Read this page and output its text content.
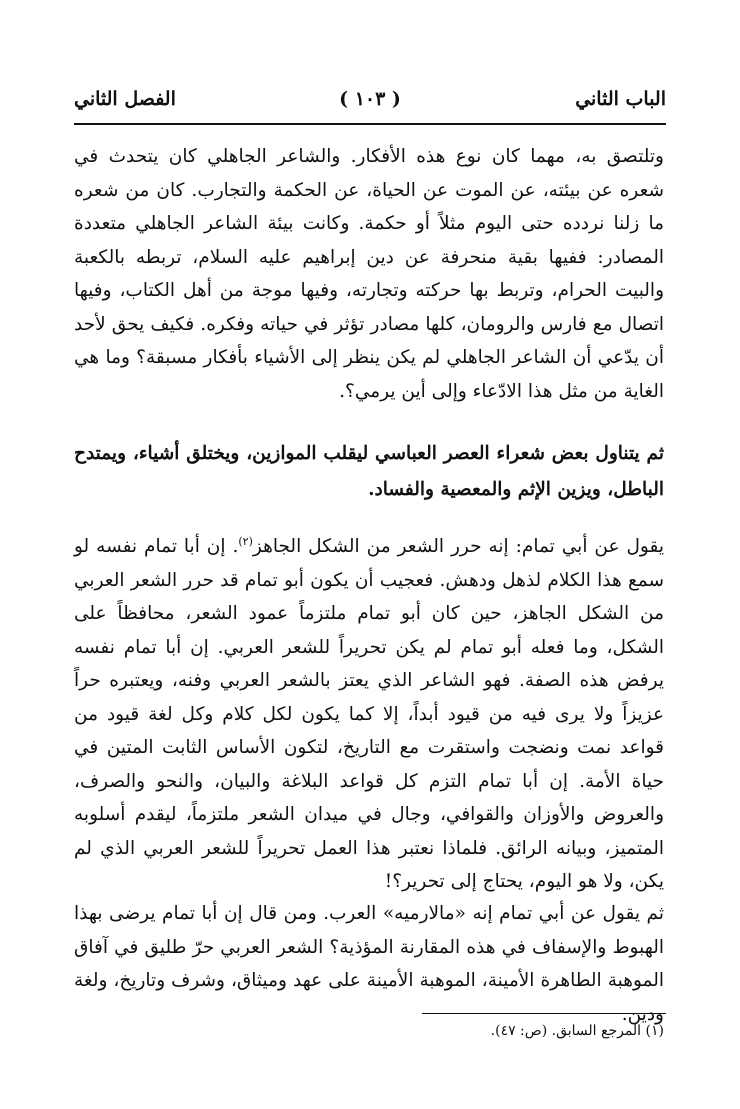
الباب الثاني
( ١٠٣ )
الفصل الثاني
وتلتصق به، مهما كان نوع هذه الأفكار. والشاعر الجاهلي كان يتحدث في شعره عن بيئته، عن الموت عن الحياة، عن الحكمة والتجارب. كان من شعره ما زلنا نردده حتى اليوم مثلاً أو حكمة. وكانت بيئة الشاعر الجاهلي متعددة المصادر: ففيها بقية منحرفة عن دين إبراهيم عليه السلام، تربطه بالكعبة والبيت الحرام، وتربط بها حركته وتجارته، وفيها موجة من أهل الكتاب، وفيها اتصال مع فارس والرومان، كلها مصادر تؤثر في حياته وفكره. فكيف يحق لأحد أن يدّعي أن الشاعر الجاهلي لم يكن ينظر إلى الأشياء بأفكار مسبقة؟ وما هي الغاية من مثل هذا الادّعاء وإلى أين يرمي؟.
ثم يتناول بعض شعراء العصر العباسي ليقلب الموازين، ويختلق أشياء، ويمتدح الباطل، ويزين الإثم والمعصية والفساد.
يقول عن أبي تمام: إنه حرر الشعر من الشكل الجاهز$^{(٢)}$. إن أبا تمام نفسه لو سمع هذا الكلام لذهل ودهش. فعجيب أن يكون أبو تمام قد حرر الشعر العربي من الشكل الجاهز، حين كان أبو تمام ملتزماً عمود الشعر، محافظاً على الشكل، وما فعله أبو تمام لم يكن تحريراً للشعر العربي. إن أبا تمام نفسه يرفض هذه الصفة. فهو الشاعر الذي يعتز بالشعر العربي وفنه، ويعتبره حراً عزيزاً ولا يرى فيه من قيود أبداً، إلا كما يكون لكل كلام وكل لغة قيود من قواعد نمت ونضجت واستقرت مع التاريخ، لتكون الأساس الثابت المتين في حياة الأمة. إن أبا تمام التزم كل قواعد البلاغة والبيان، والنحو والصرف، والعروض والأوزان والقوافي، وجال في ميدان الشعر ملتزماً، ليقدم أسلوبه المتميز، وبيانه الرائق. فلماذا نعتبر هذا العمل تحريراً للشعر العربي الذي لم يكن، ولا هو اليوم، يحتاج إلى تحرير؟!
ثم يقول عن أبي تمام إنه «مالارميه» العرب. ومن قال إن أبا تمام يرضى بهذا الهبوط والإسفاف في هذه المقارنة المؤذية؟ الشعر العربي حرّ طليق في آفاق الموهبة الطاهرة الأمينة، الموهبة الأمينة على عهد وميثاق، وشرف وتاريخ، ولغة ودين.
(١) المرجع السابق. (ص: ٤٧).
